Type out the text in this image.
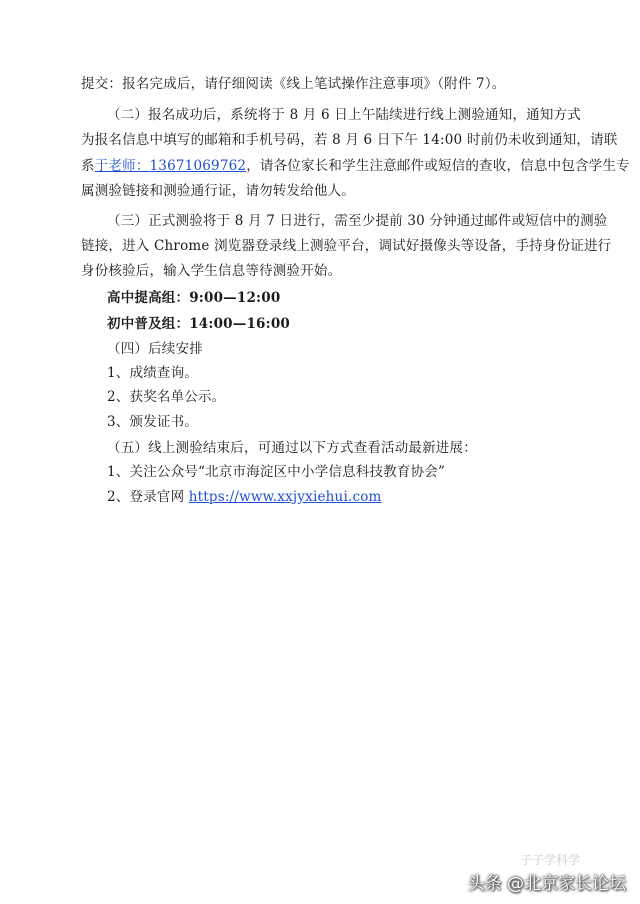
提交：报名完成后，请仔细阅读《线上笔试操作注意事项》（附件 7）。
（二）报名成功后，系统将于 8 月 6 日上午陆续进行线上测验通知，通知方式
为报名信息中填写的邮箱和手机号码，若 8 月 6 日下午 14:00 时前仍未收到通知，请联
系于老师：13671069762，请各位家长和学生注意邮件或短信的查收，信息中包含学生专
属测验链接和测验通行证，请勿转发给他人。
（三）正式测验将于 8 月 7 日进行，需至少提前 30 分钟通过邮件或短信中的测验
链接，进入 Chrome 浏览器登录线上测验平台，调试好摄像头等设备，手持身份证进行
身份核验后，输入学生信息等待测验开始。
高中提高组：9:00—12:00
初中普及组：14:00—16:00
（四）后续安排
1、成绩查询。
2、获奖名单公示。
3、颁发证书。
（五）线上测验结束后，可通过以下方式查看活动最新进展：
1、关注公众号“北京市海淀区中小学信息科技教育协会”
2、登录官网 https://www.xxjyxiehui.com
子子学科学
头条 @北京家长论坛
